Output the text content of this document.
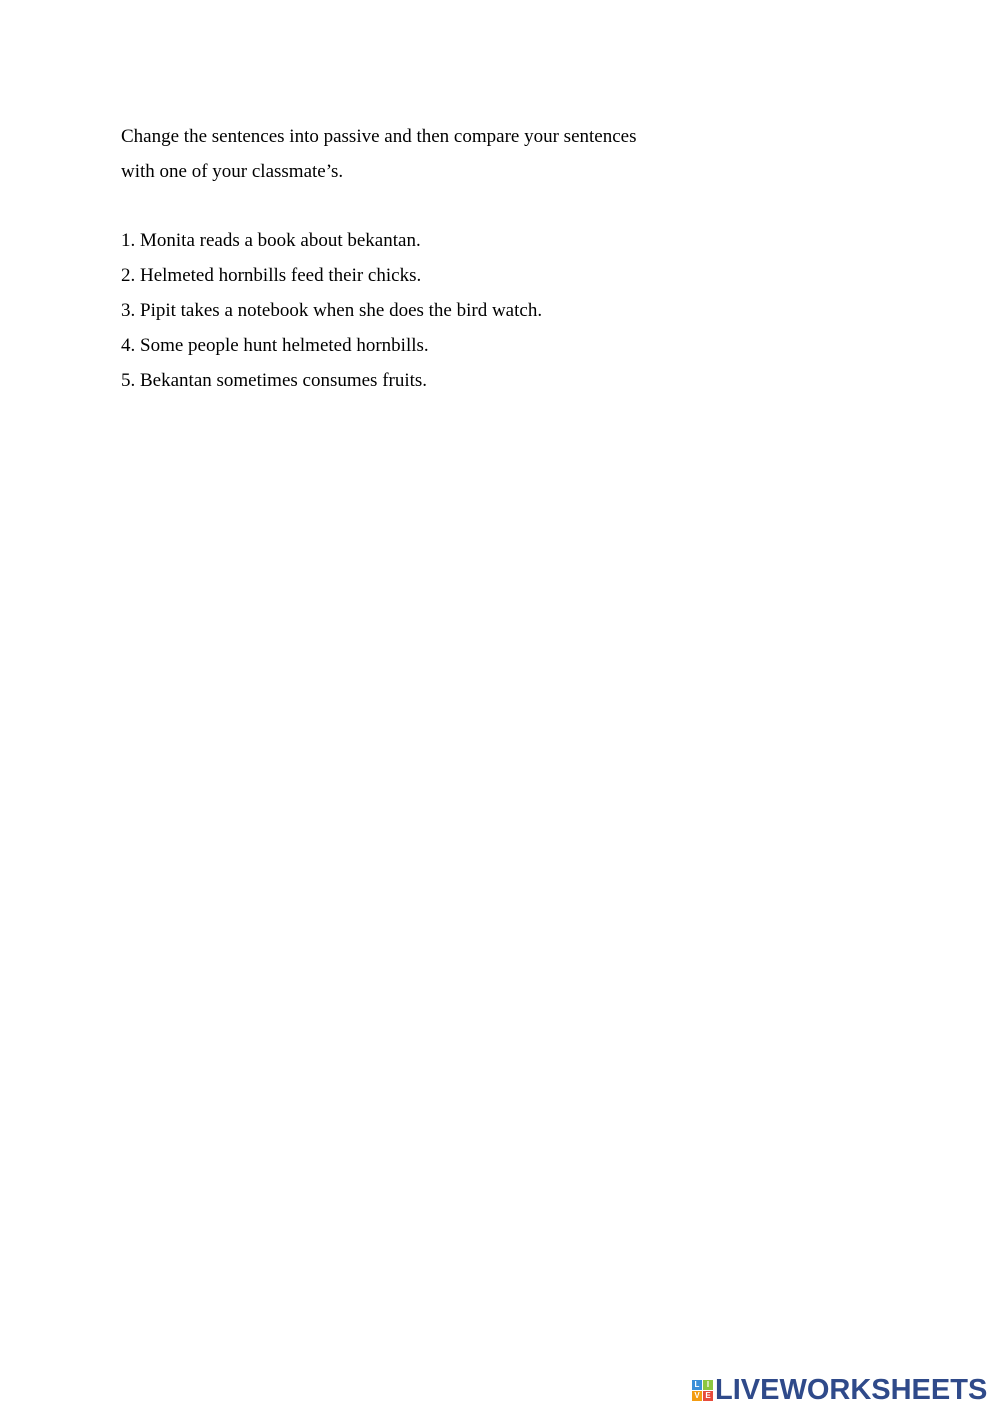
Change the sentences into passive and then compare your sentences
with one of your classmate’s.
1. Monita reads a book about bekantan.
2. Helmeted hornbills feed their chicks.
3. Pipit takes a notebook when she does the bird watch.
4. Some people hunt helmeted hornbills.
5. Bekantan sometimes consumes fruits.
L I
V E LIVEWORKSHEETS
